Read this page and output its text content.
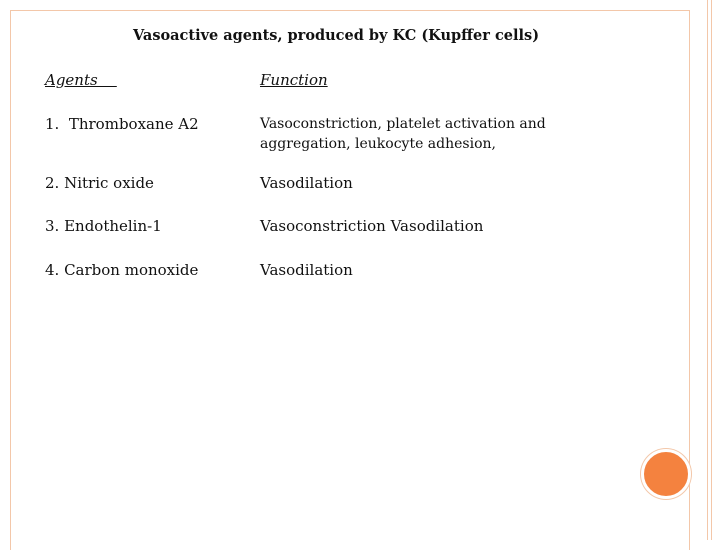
Vasoactive agents, produced by KC (Kupffer cells)
Agents	Function
1.  Thromboxane A2	Vasoconstriction, platelet activation and aggregation, leukocyte adhesion,
2. Nitric oxide	Vasodilation
3. Endothelin-1	Vasoconstriction Vasodilation
4. Carbon monoxide	Vasodilation
